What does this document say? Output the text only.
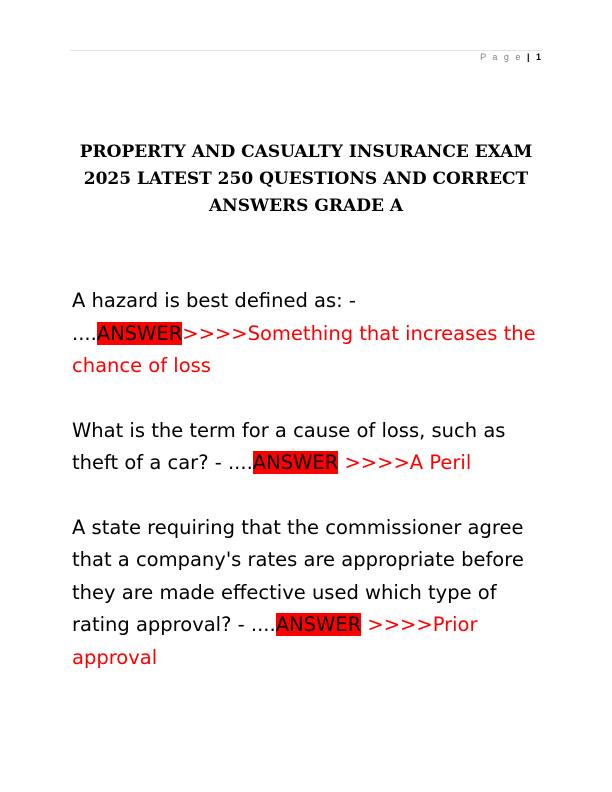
P a g e | 1
PROPERTY AND CASUALTY INSURANCE EXAM 2025 LATEST 250 QUESTIONS AND CORRECT ANSWERS GRADE A

A hazard is best defined as: - ....ANSWER>>>>Something that increases the chance of loss

What is the term for a cause of loss, such as theft of a car? - ....ANSWER >>>>A Peril

A state requiring that the commissioner agree that a company's rates are appropriate before they are made effective used which type of rating approval? - ....ANSWER >>>>Prior approval
